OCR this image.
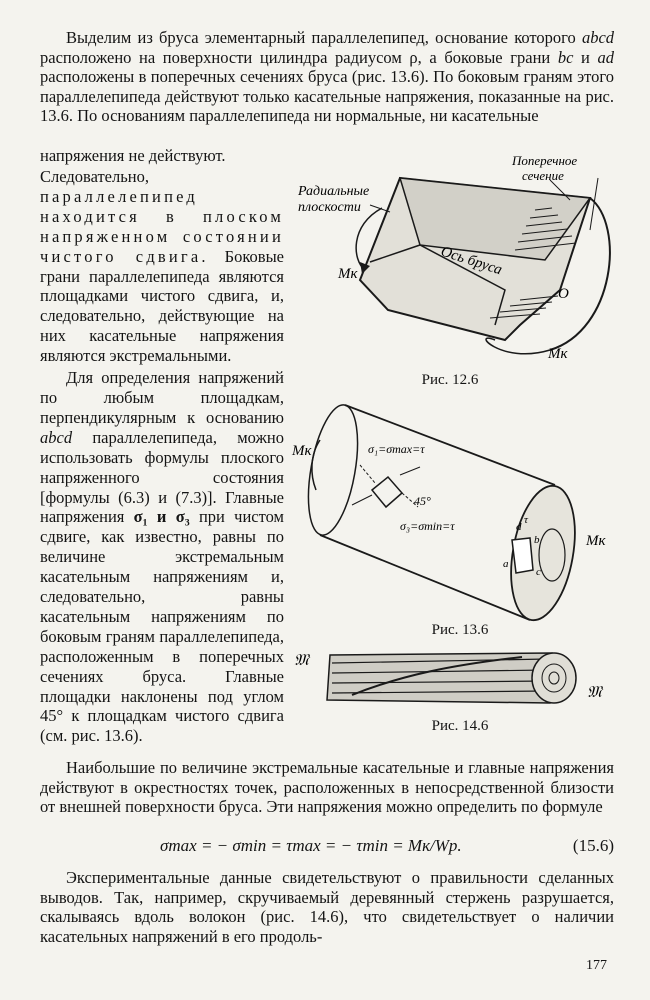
Выделим из бруса элементарный параллелепипед, основание которого abcd расположено на поверхности цилиндра радиусом ρ, а боковые грани bc и ad расположены в поперечных сечениях бруса (рис. 13.6). По боковым граням этого параллелепипеда действуют только касательные напряжения, показанные на рис. 13.6. По основаниям параллелепипеда ни нормальные, ни касательные

напряжения не действуют.

Следовательно, параллелепипед находится в плоском напряженном состоянии чистого сдвига. Боковые грани параллелепипеда являются площадками чистого сдвига, и, следовательно, действующие на них касательные напряжения являются экстремальными.

Для определения напряжений по любым площадкам, перпендикулярным к основанию abcd параллелепипеда, можно использовать формулы плоского напряженного состояния [формулы (6.3) и (7.3)]. Главные напряжения σ₁ и σ₃ при чистом сдвиге, как известно, равны по величине экстремальным касательным напряжениям и, следовательно, равны касательным напряжениям по боковым граням параллелепипеда, расположенным в поперечных сечениях бруса. Главные площадки наклонены под углом 45° к площадкам чистого сдвига (см. рис. 13.6).

Радиальные
плоскости
Поперечное
сечение
Ось бруса
Mк
Mк
O
Рис. 12.6
σ₁=σmax=τ
σ₃=σmin=τ
45°
Mк
Mк
a
b
c
d
τ
Рис. 13.6
𝔐
𝔐
Рис. 14.6

Наибольшие по величине экстремальные касательные и главные напряжения действуют в окрестностях точек, расположенных в непосредственной близости от внешней поверхности бруса. Эти напряжения можно определить по формуле

σmax = − σmin = τmax = − τmin = Mк/Wp.	(15.6)

Экспериментальные данные свидетельствуют о правильности сделанных выводов. Так, например, скручиваемый деревянный стержень разрушается, скалываясь вдоль волокон (рис. 14.6), что свидетельствует о наличии касательных напряжений в его продоль-

177
